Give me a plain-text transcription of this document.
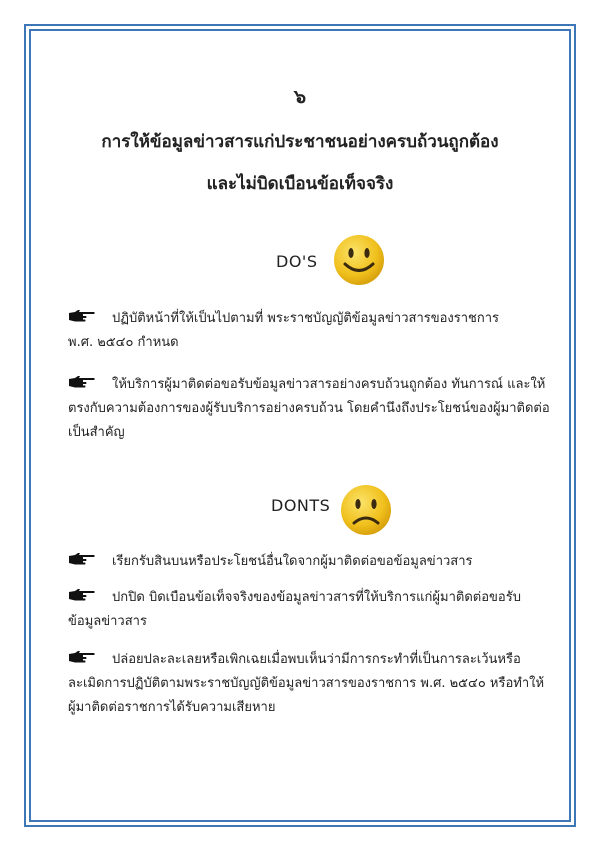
๖
การให้ข้อมูลข่าวสารแก่ประชาชนอย่างครบถ้วนถูกต้อง
และไม่บิดเบือนข้อเท็จจริง
DO'S
ปฏิบัติหน้าที่ให้เป็นไปตามที่ พระราชบัญญัติข้อมูลข่าวสารของราชการ
พ.ศ. ๒๕๔๐ กำหนด
ให้บริการผู้มาติดต่อขอรับข้อมูลข่าวสารอย่างครบถ้วนถูกต้อง ทันการณ์ และให้
ตรงกับความต้องการของผู้รับบริการอย่างครบถ้วน โดยคำนึงถึงประโยชน์ของผู้มาติดต่อ
เป็นสำคัญ
DONTS
เรียกรับสินบนหรือประโยชน์อื่นใดจากผู้มาติดต่อขอข้อมูลข่าวสาร
ปกปิด บิดเบือนข้อเท็จจริงของข้อมูลข่าวสารที่ให้บริการแก่ผู้มาติดต่อขอรับ
ข้อมูลข่าวสาร
ปล่อยปละละเลยหรือเพิกเฉยเมื่อพบเห็นว่ามีการกระทำที่เป็นการละเว้นหรือ
ละเมิดการปฏิบัติตามพระราชบัญญัติข้อมูลข่าวสารของราชการ พ.ศ. ๒๕๔๐ หรือทำให้
ผู้มาติดต่อราชการได้รับความเสียหาย
